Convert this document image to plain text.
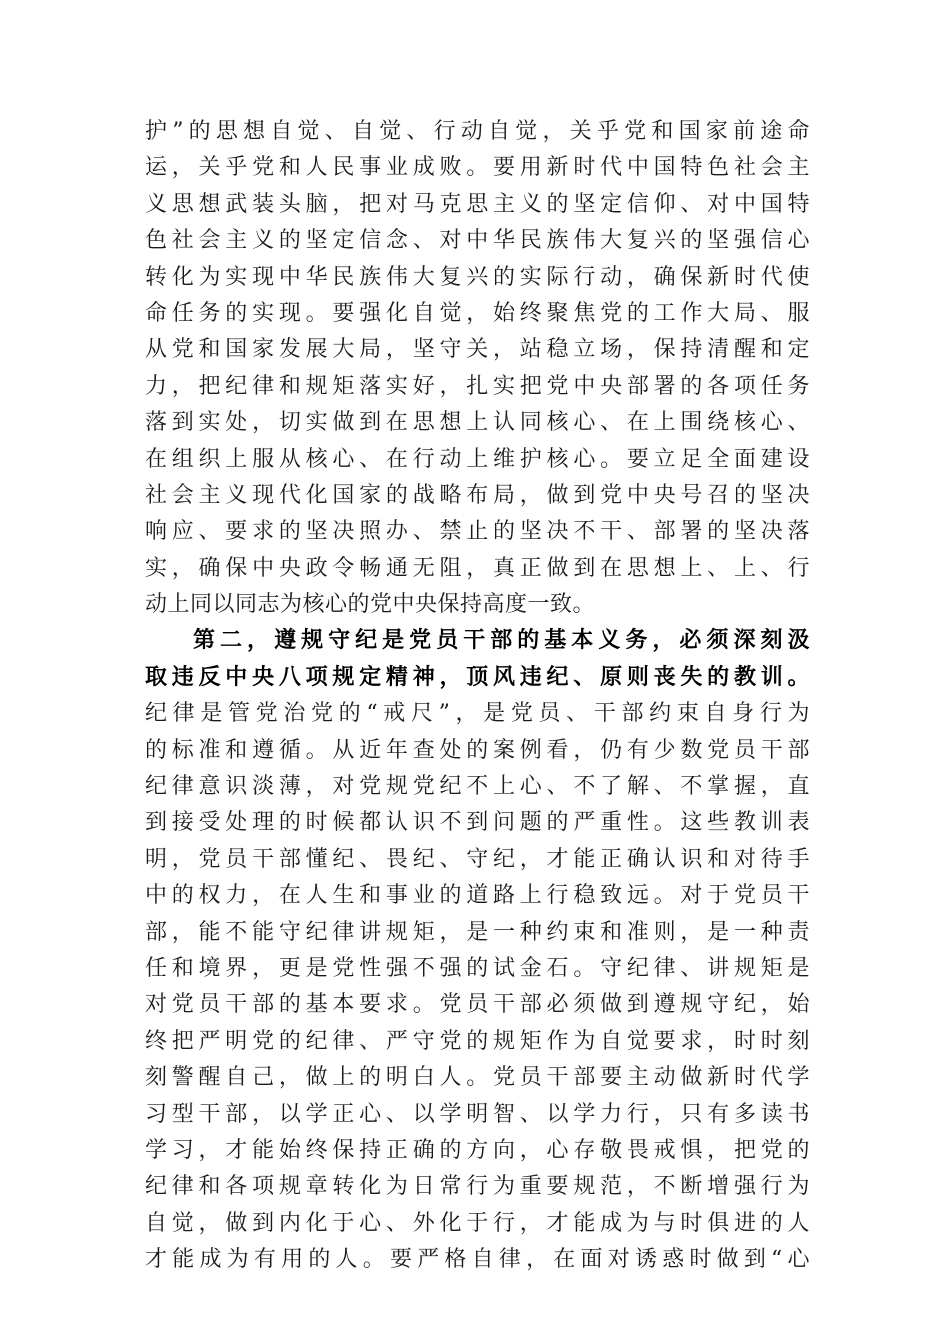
护”的思想自觉、自觉、行动自觉，关乎党和国家前途命
运，关乎党和人民事业成败。要用新时代中国特色社会主
义思想武装头脑，把对马克思主义的坚定信仰、对中国特
色社会主义的坚定信念、对中华民族伟大复兴的坚强信心
转化为实现中华民族伟大复兴的实际行动，确保新时代使
命任务的实现。要强化自觉，始终聚焦党的工作大局、服
从党和国家发展大局，坚守关，站稳立场，保持清醒和定
力，把纪律和规矩落实好，扎实把党中央部署的各项任务
落到实处，切实做到在思想上认同核心、在上围绕核心、
在组织上服从核心、在行动上维护核心。要立足全面建设
社会主义现代化国家的战略布局，做到党中央号召的坚决
响应、要求的坚决照办、禁止的坚决不干、部署的坚决落
实，确保中央政令畅通无阻，真正做到在思想上、上、行
动上同以同志为核心的党中央保持高度一致。
第二，遵规守纪是党员干部的基本义务，必须深刻汲
取违反中央八项规定精神，顶风违纪、原则丧失的教训。
纪律是管党治党的“戒尺”，是党员、干部约束自身行为
的标准和遵循。从近年查处的案例看，仍有少数党员干部
纪律意识淡薄，对党规党纪不上心、不了解、不掌握，直
到接受处理的时候都认识不到问题的严重性。这些教训表
明，党员干部懂纪、畏纪、守纪，才能正确认识和对待手
中的权力，在人生和事业的道路上行稳致远。对于党员干
部，能不能守纪律讲规矩，是一种约束和准则，是一种责
任和境界，更是党性强不强的试金石。守纪律、讲规矩是
对党员干部的基本要求。党员干部必须做到遵规守纪，始
终把严明党的纪律、严守党的规矩作为自觉要求，时时刻
刻警醒自己，做上的明白人。党员干部要主动做新时代学
习型干部，以学正心、以学明智、以学力行，只有多读书
学习，才能始终保持正确的方向，心存敬畏戒惧，把党的
纪律和各项规章转化为日常行为重要规范，不断增强行为
自觉，做到内化于心、外化于行，才能成为与时俱进的人
才能成为有用的人。要严格自律，在面对诱惑时做到“心
